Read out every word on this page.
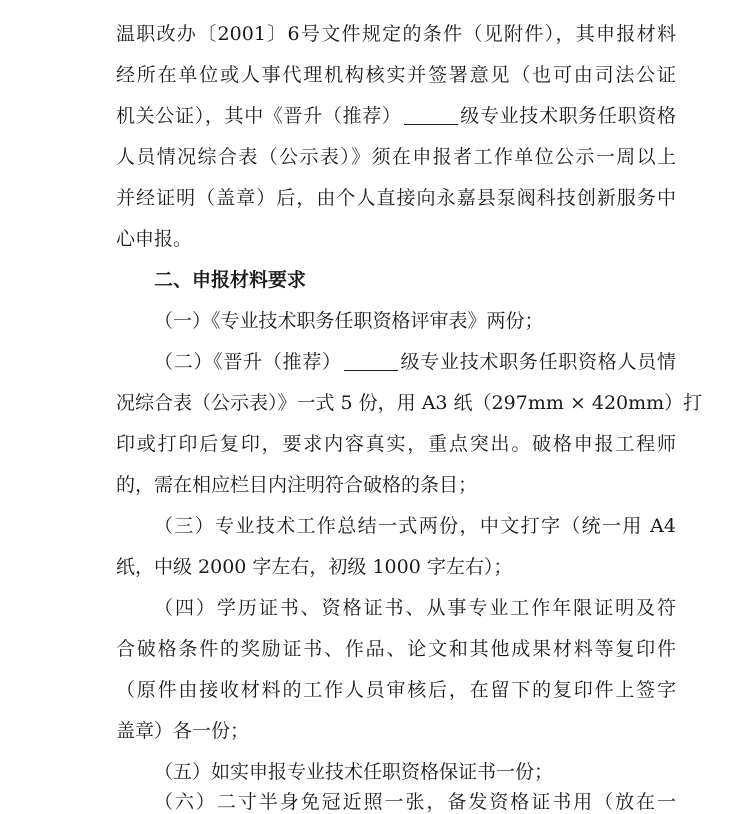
温职改办〔2001〕6号文件规定的条件（见附件），其申报材料
经所在单位或人事代理机构核实并签署意见（也可由司法公证
机关公证），其中《晋升（推荐）	级专业技术职务任职资格
人员情况综合表（公示表）》须在申报者工作单位公示一周以上
并经证明（盖章）后，由个人直接向永嘉县泵阀科技创新服务中
心申报。
二、申报材料要求
（一）《专业技术职务任职资格评审表》两份；
（二）《晋升（推荐）	级专业技术职务任职资格人员情
况综合表（公示表）》一式 5 份，用 A3 纸（297mm × 420mm）打
印或打印后复印，要求内容真实，重点突出。破格申报工程师
的，需在相应栏目内注明符合破格的条目；
（三）专业技术工作总结一式两份，中文打字（统一用 A4
纸，中级 2000 字左右，初级 1000 字左右）；
（四）学历证书、资格证书、从事专业工作年限证明及符
合破格条件的奖励证书、作品、论文和其他成果材料等复印件
（原件由接收材料的工作人员审核后，在留下的复印件上签字
盖章）各一份；
（五）如实申报专业技术任职资格保证书一份；
（六）二寸半身免冠近照一张，备发资格证书用（放在一
